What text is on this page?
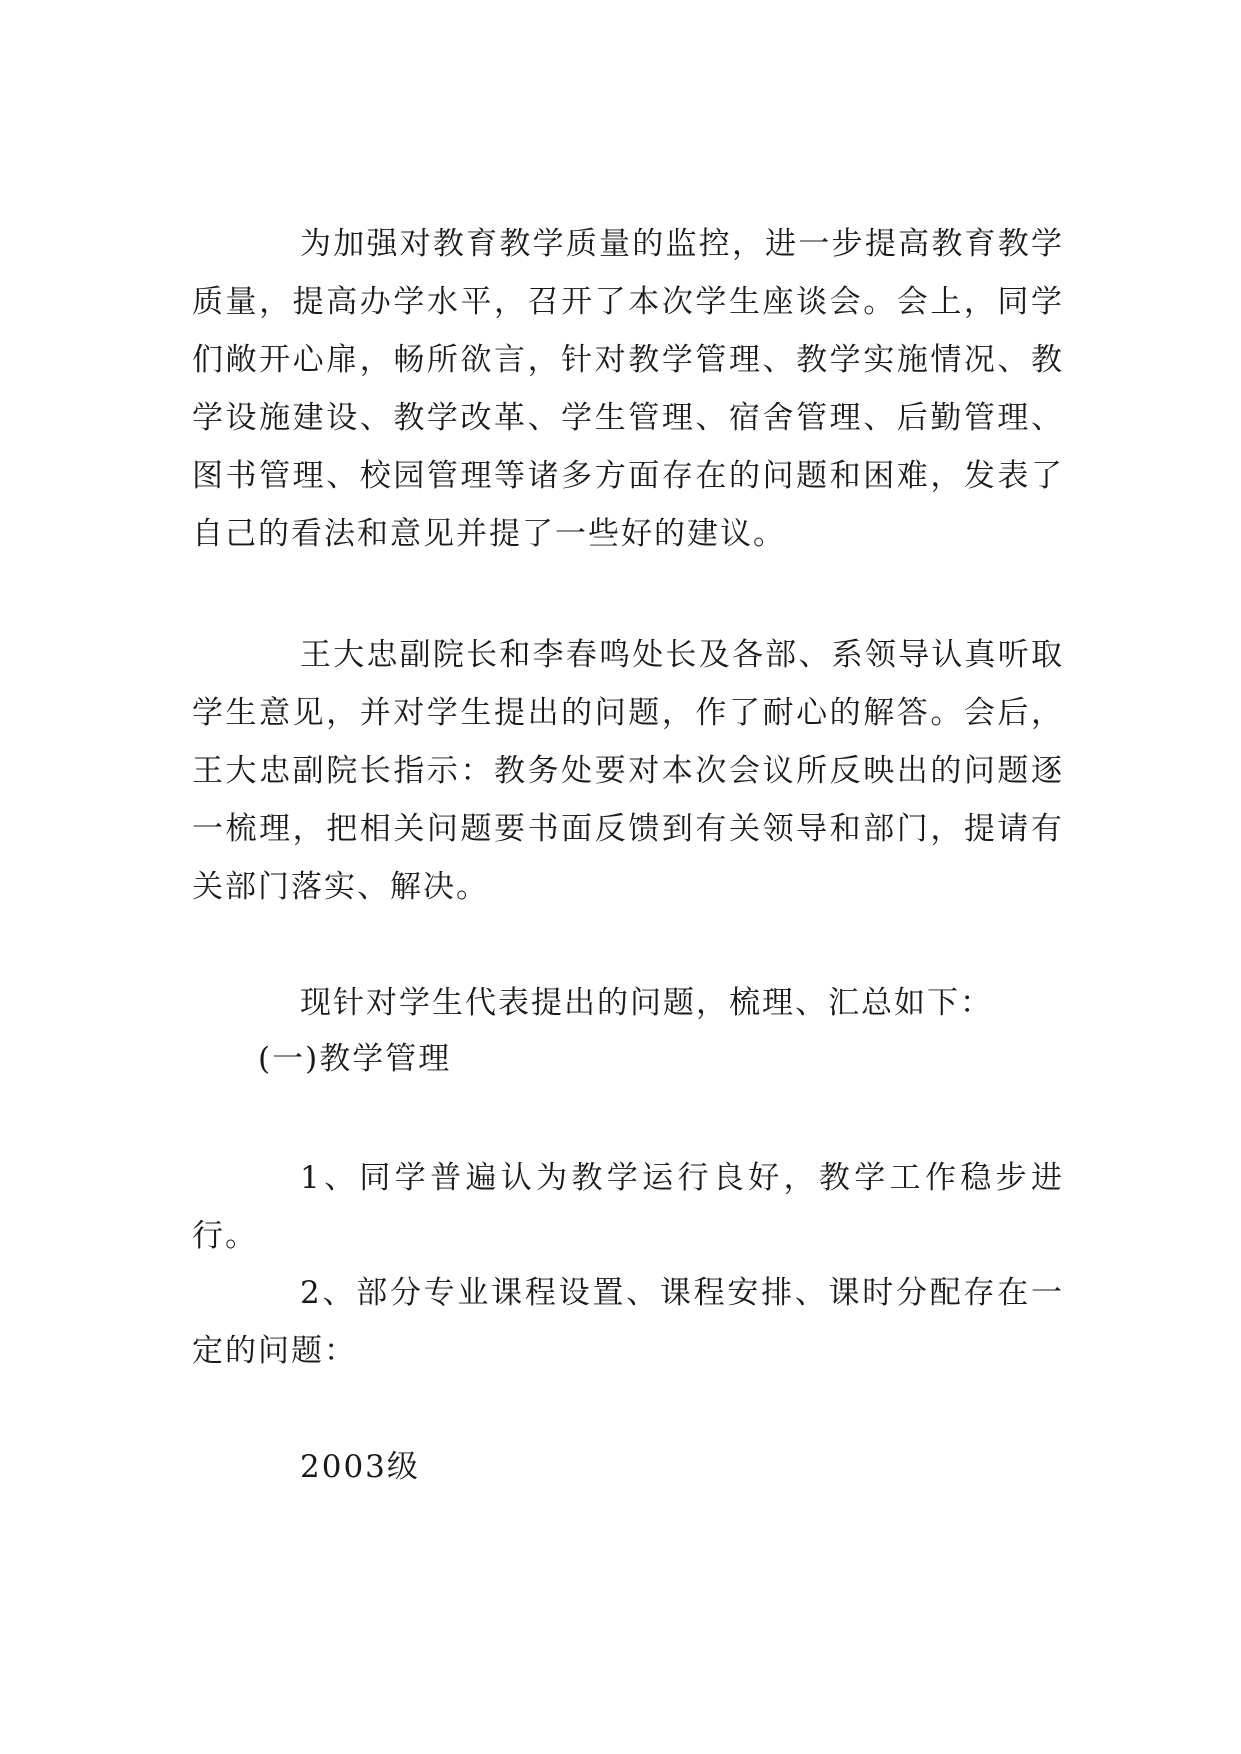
为加强对教育教学质量的监控，进一步提高教育教学质量，提高办学水平，召开了本次学生座谈会。会上，同学们敞开心扉，畅所欲言，针对教学管理、教学实施情况、教学设施建设、教学改革、学生管理、宿舍管理、后勤管理、图书管理、校园管理等诸多方面存在的问题和困难，发表了自己的看法和意见并提了一些好的建议。

王大忠副院长和李春鸣处长及各部、系领导认真听取学生意见，并对学生提出的问题，作了耐心的解答。会后，王大忠副院长指示：教务处要对本次会议所反映出的问题逐一梳理，把相关问题要书面反馈到有关领导和部门，提请有关部门落实、解决。

现针对学生代表提出的问题，梳理、汇总如下：

(一)教学管理

1、同学普遍认为教学运行良好，教学工作稳步进行。

2、部分专业课程设置、课程安排、课时分配存在一定的问题：

2003级
